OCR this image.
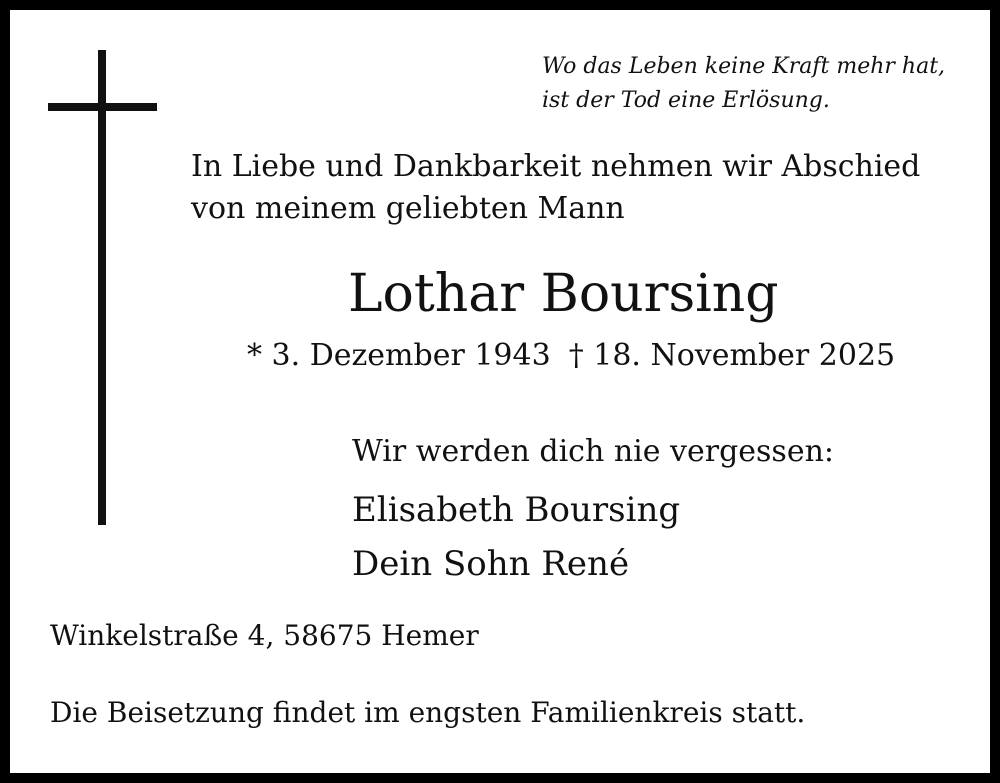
Wo das Leben keine Kraft mehr hat,
ist der Tod eine Erlösung.
In Liebe und Dankbarkeit nehmen wir Abschied
von meinem geliebten Mann
Lothar Boursing
* 3. Dezember 1943 † 18. November 2025
Wir werden dich nie vergessen:
Elisabeth Boursing
Dein Sohn René
Winkelstraße 4, 58675 Hemer
Die Beisetzung findet im engsten Familienkreis statt.
